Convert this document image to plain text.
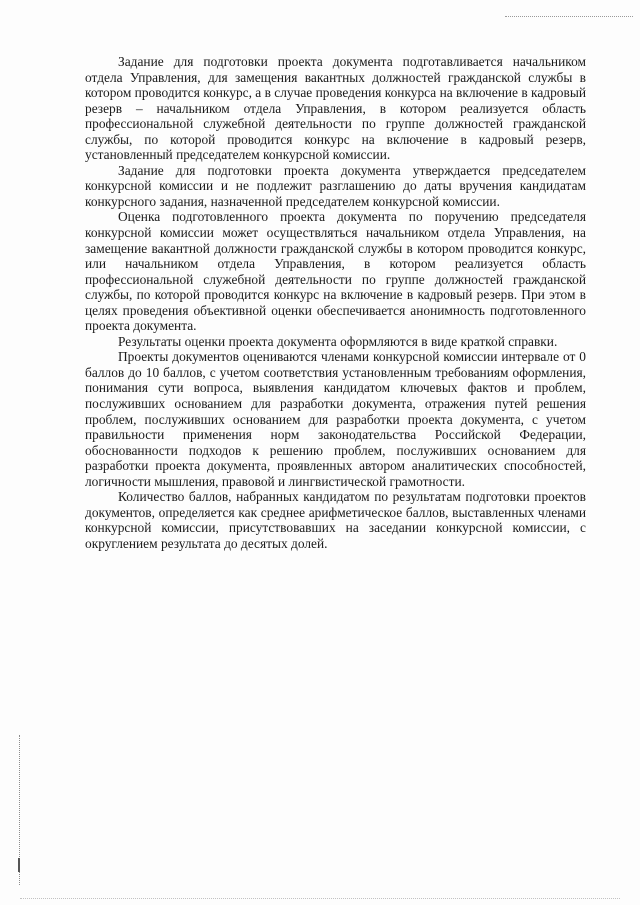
Задание для подготовки проекта документа подготавливается начальником отдела Управления, для замещения вакантных должностей гражданской службы в котором проводится конкурс, а в случае проведения конкурса на включение в кадровый резерв – начальником отдела Управления, в котором реализуется область профессиональной служебной деятельности по группе должностей гражданской службы, по которой проводится конкурс на включение в кадровый резерв, установленный председателем конкурсной комиссии.

Задание для подготовки проекта документа утверждается председателем конкурсной комиссии и не подлежит разглашению до даты вручения кандидатам конкурсного задания, назначенной председателем конкурсной комиссии.

Оценка подготовленного проекта документа по поручению председателя конкурсной комиссии может осуществляться начальником отдела Управления, на замещение вакантной должности гражданской службы в котором проводится конкурс, или начальником отдела Управления, в котором реализуется область профессиональной служебной деятельности по группе должностей гражданской службы, по которой проводится конкурс на включение в кадровый резерв. При этом в целях проведения объективной оценки обеспечивается анонимность подготовленного проекта документа.

Результаты оценки проекта документа оформляются в виде краткой справки.

Проекты документов оцениваются членами конкурсной комиссии интервале от 0 баллов до 10 баллов, с учетом соответствия установленным требованиям оформления, понимания сути вопроса, выявления кандидатом ключевых фактов и проблем, послуживших основанием для разработки документа, отражения путей решения проблем, послуживших основанием для разработки проекта документа, с учетом правильности применения норм законодательства Российской Федерации, обоснованности подходов к решению проблем, послуживших основанием для разработки проекта документа, проявленных автором аналитических способностей, логичности мышления, правовой и лингвистической грамотности.

Количество баллов, набранных кандидатом по результатам подготовки проектов документов, определяется как среднее арифметическое баллов, выставленных членами конкурсной комиссии, присутствовавших на заседании конкурсной комиссии, с округлением результата до десятых долей.
